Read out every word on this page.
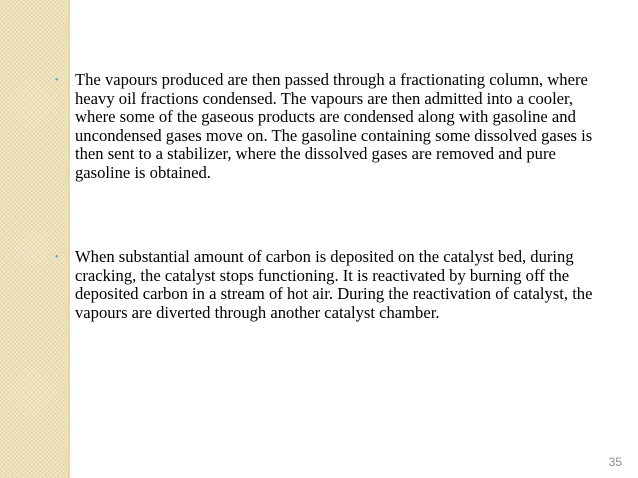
• The vapours produced are then passed through a fractionating column, where heavy oil fractions condensed. The vapours are then admitted into a cooler, where some of the gaseous products are condensed along with gasoline and uncondensed gases move on. The gasoline containing some dissolved gases is then sent to a stabilizer, where the dissolved gases are removed and pure gasoline is obtained.
• When substantial amount of carbon is deposited on the catalyst bed, during cracking, the catalyst stops functioning. It is reactivated by burning off the deposited carbon in a stream of hot air. During the reactivation of catalyst, the vapours are diverted through another catalyst chamber.
35
